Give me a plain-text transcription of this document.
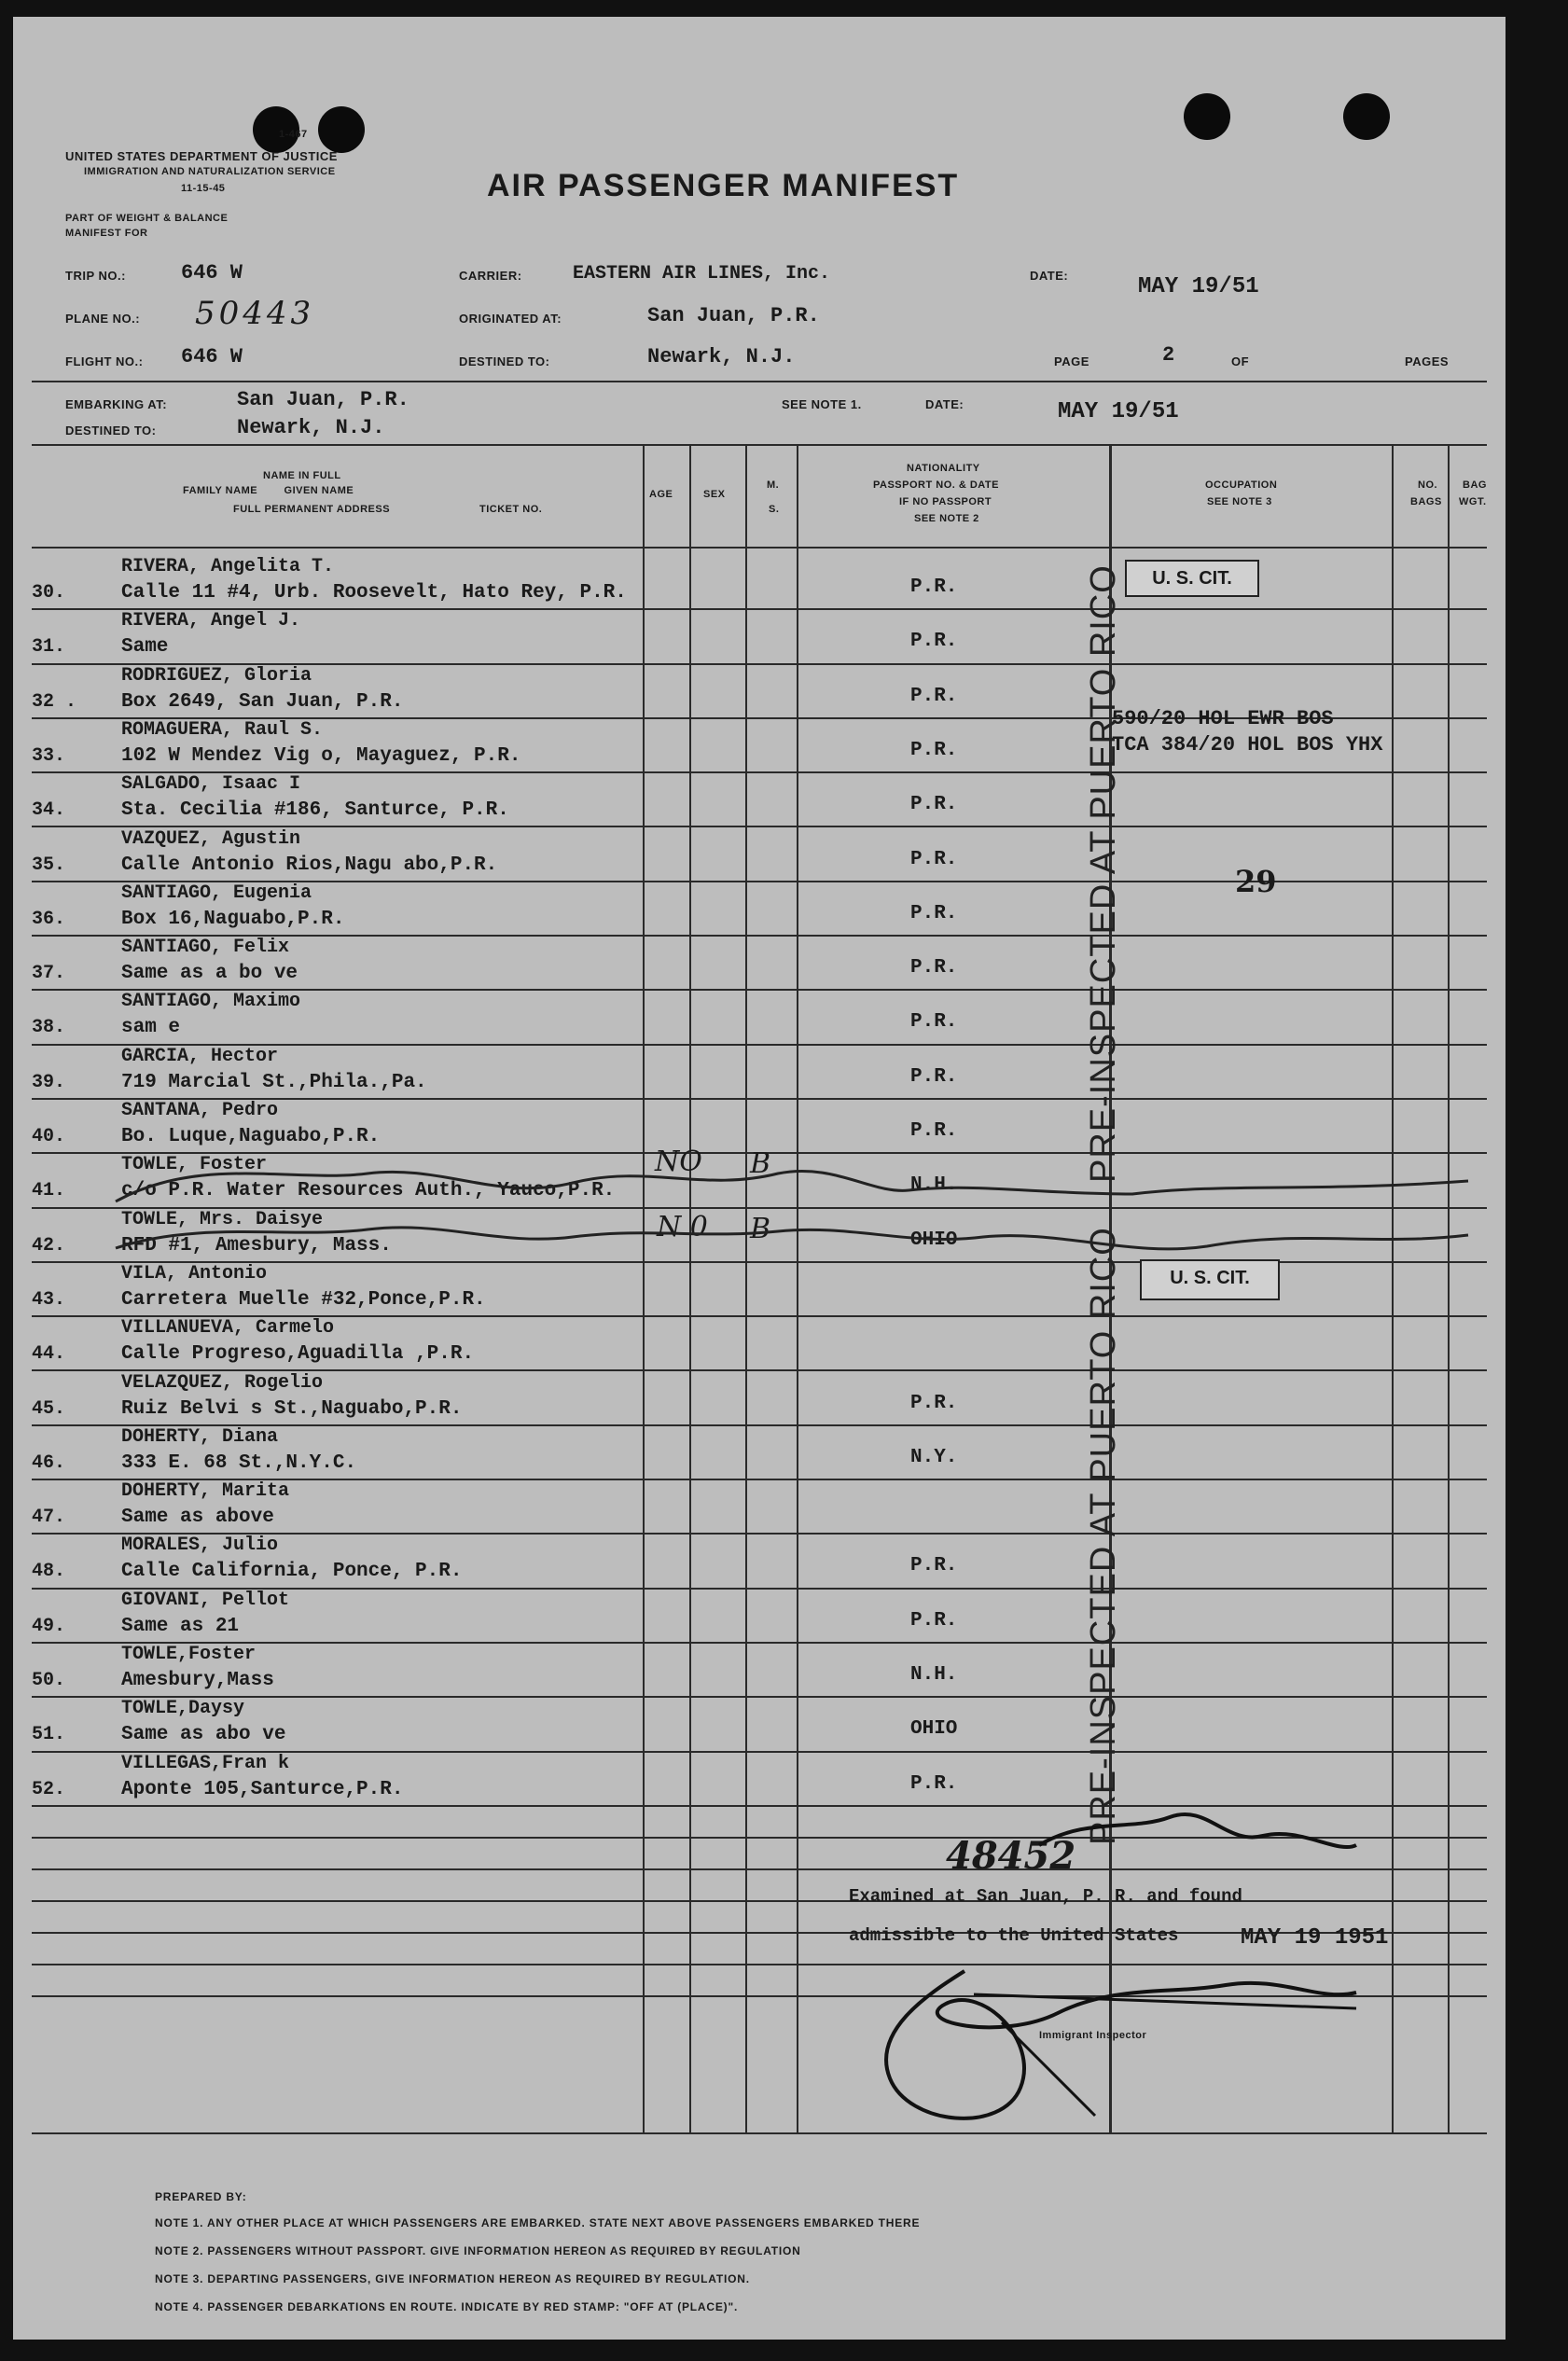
1-467
UNITED STATES DEPARTMENT OF JUSTICE
IMMIGRATION AND NATURALIZATION SERVICE
11-15-45
PART OF WEIGHT & BALANCE
MANIFEST FOR
AIR PASSENGER MANIFEST
TRIP NO.:	646 W
PLANE NO.: 50443
FLIGHT NO.: 646 W
CARRIER:	EASTERN AIR LINES, Inc.
ORIGINATED AT:	San Juan, P.R.
DESTINED TO:	Newark, N.J.
DATE:	MAY 19/51
PAGE	2	OF	PAGES
EMBARKING AT:	San Juan, P.R.
DESTINED TO:	Newark, N.J.
SEE NOTE 1.	DATE:	MAY 19/51
NAME IN FULL
FAMILY NAME        GIVEN NAME
FULL PERMANENT ADDRESS	TICKET NO.
AGE	SEX
M.
S.
NATIONALITY
PASSPORT NO. & DATE
IF NO PASSPORT
SEE NOTE 2
OCCUPATION
SEE NOTE 3
NO.
BAGS
BAG
WGT.
RIVERA, Angelita T.
30.	Calle 11 #4, Urb. Roosevelt, Hato Rey, P.R.	P.R.
RIVERA, Angel J.
31.	Same	P.R.
RODRIGUEZ, Gloria
32 . Box 2649, San Juan, P.R.	P.R.
ROMAGUERA, Raul S.
33.	102 W Mendez Vig o, Mayaguez, P.R.	P.R.
SALGADO, Isaac I
34.	Sta. Cecilia #186, Santurce, P.R.	P.R.
VAZQUEZ, Agustin
35.	Calle Antonio Rios,Nagu abo,P.R.	P.R.
SANTIAGO, Eugenia
36.	Box 16,Naguabo,P.R.	P.R.
SANTIAGO, Felix
37.	Same as a bo ve	P.R.
SANTIAGO, Maximo
38.	sam e	P.R.
GARCIA, Hector
39.	719 Marcial St.,Phila.,Pa.	P.R.
SANTANA, Pedro
40.	Bo. Luque,Naguabo,P.R.	P.R.
TOWLE, Foster
41.	c/o P.R. Water Resources Auth., Yauco,P.R.	N.H.
TOWLE, Mrs. Daisye
42.	RFD #1, Amesbury, Mass.	OHIO
VILA, Antonio
43.	Carretera Muelle #32,Ponce,P.R.
VILLANUEVA, Carmelo
44.	Calle Progreso,Aguadilla ,P.R.
VELAZQUEZ, Rogelio
45.	Ruiz Belvi s St.,Naguabo,P.R.	P.R.
DOHERTY, Diana
46.	333 E. 68 St.,N.Y.C.	N.Y.
DOHERTY, Marita
47.	Same as above
MORALES, Julio
48.	Calle California, Ponce, P.R.	P.R.
GIOVANI, Pellot
49.	Same as 21	P.R.
TOWLE,Foster
50.	Amesbury,Mass	N.H.
TOWLE,Daysy
51.	Same as abo ve	OHIO
VILLEGAS,Fran k
52.	Aponte 105,Santurce,P.R.	P.R.
NO B
N 0 B
590/20 HOL EWR BOS
TCA 384/20 HOL BOS YHX
29
U. S. CIT.
U. S. CIT.
PRE-INSPECTED AT PUERTO RICO
PRE-INSPECTED AT PUERTO RICO
48452
Examined at San Juan, P. R. and found
admissible to the United States	MAY 19 1951
Immigrant Inspector
PREPARED BY:
NOTE 1. ANY OTHER PLACE AT WHICH PASSENGERS ARE EMBARKED. STATE NEXT ABOVE PASSENGERS EMBARKED THERE
NOTE 2. PASSENGERS WITHOUT PASSPORT. GIVE INFORMATION HEREON AS REQUIRED BY REGULATION
NOTE 3. DEPARTING PASSENGERS, GIVE INFORMATION HEREON AS REQUIRED BY REGULATION.
NOTE 4. PASSENGER DEBARKATIONS EN ROUTE. INDICATE BY RED STAMP: "OFF AT (PLACE)".
